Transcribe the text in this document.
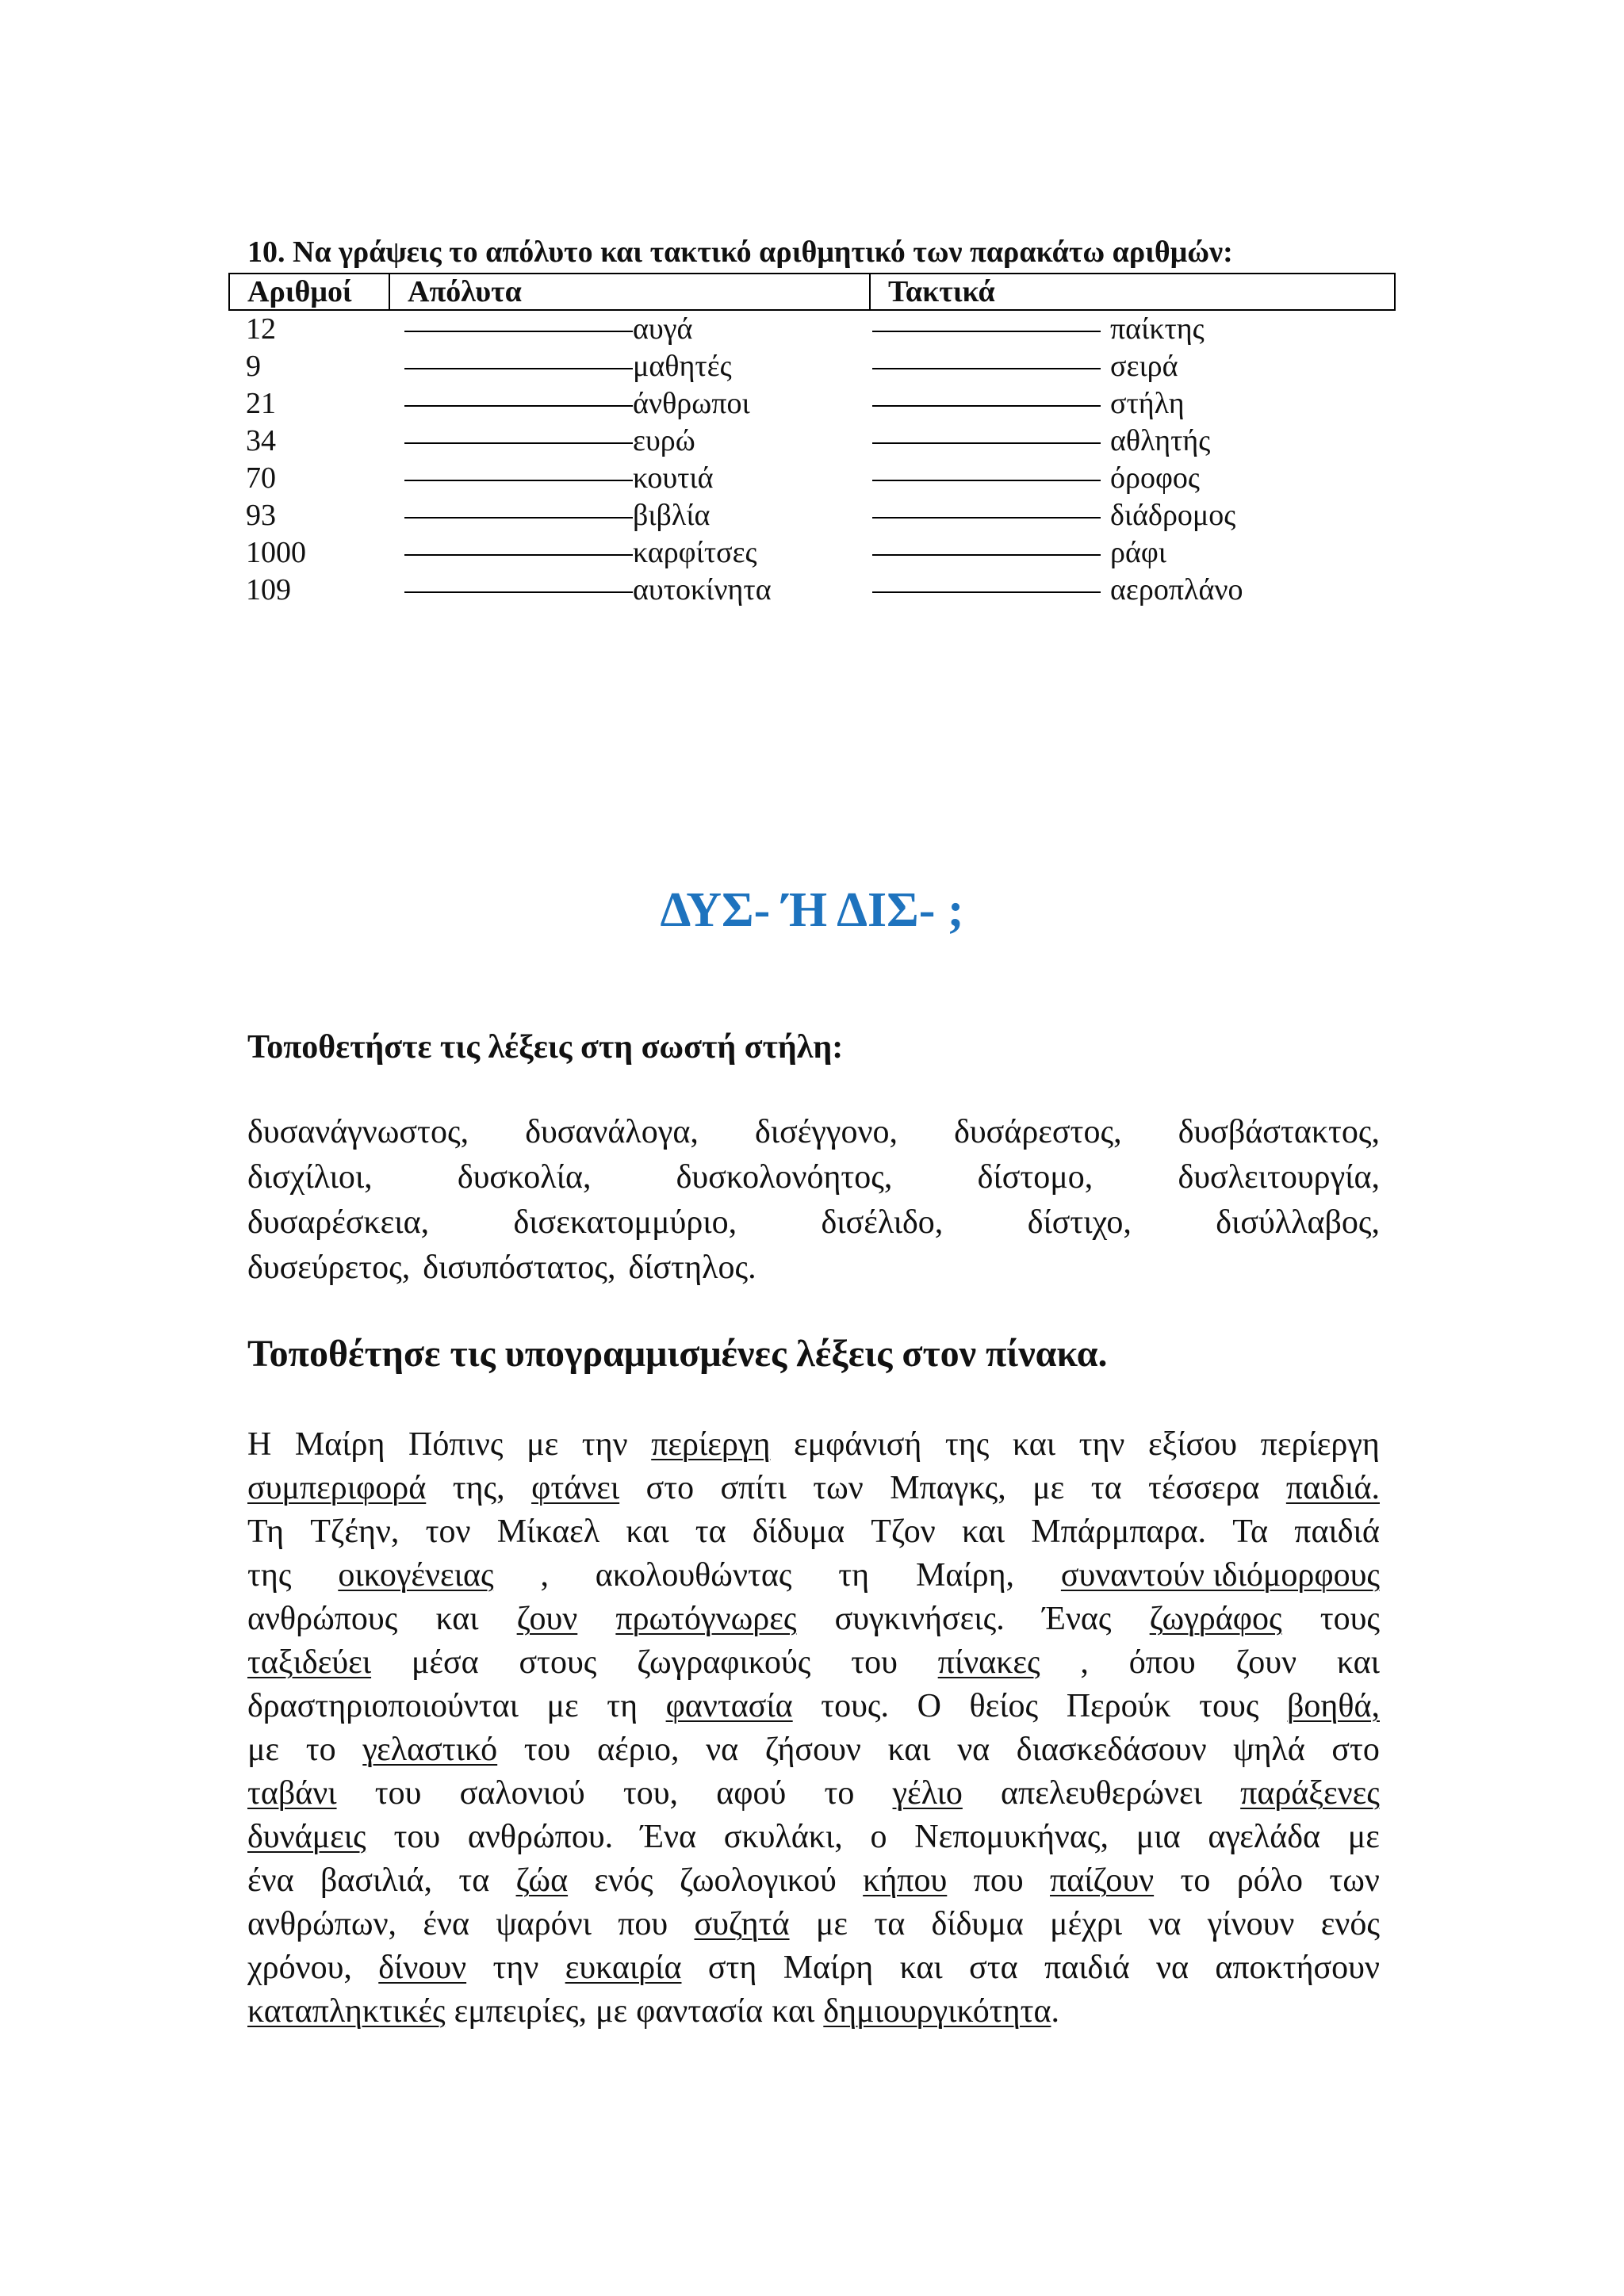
10. Να γράψεις το απόλυτο και τακτικό αριθμητικό των παρακάτω αριθμών:
Αριθμοί	Απόλυτα	Τακτικά
12	αυγά	παίκτης
9	μαθητές	σειρά
21	άνθρωποι	στήλη
34	ευρώ	αθλητής
70	κουτιά	όροφος
93	βιβλία	διάδρομος
1000	καρφίτσες	ράφι
109	αυτοκίνητα	αεροπλάνο
ΔΥΣ- Ή ΔΙΣ- ;
Τοποθετήστε τις λέξεις στη σωστή στήλη:
δυσανάγνωστος, δυσανάλογα, δισέγγονο, δυσάρεστος, δυσβάστακτος,
δισχίλιοι,	δυσκολία,	δυσκολονόητος,	δίστομο,	δυσλειτουργία,
δυσαρέσκεια,	δισεκατομμύριο,	δισέλιδο,	δίστιχο,	δισύλλαβος,
δυσεύρετος, δισυπόστατος, δίστηλος.
Τοποθέτησε τις υπογραμμισμένες λέξεις στον πίνακα.
Η Μαίρη Πόπινς με την περίεργη εμφάνισή της και την εξίσου περίεργη
συμπεριφορά της, φτάνει στο σπίτι των Μπαγκς, με τα τέσσερα παιδιά.
Τη Τζέην, τον Μίκαελ και τα δίδυμα Τζον και Μπάρμπαρα. Τα παιδιά
της οικογένειας , ακολουθώντας τη Μαίρη, συναντούν ιδιόμορφους
ανθρώπους και ζουν πρωτόγνωρες συγκινήσεις. Ένας ζωγράφος τους
ταξιδεύει μέσα στους ζωγραφικούς του πίνακες , όπου ζουν και
δραστηριοποιούνται με τη φαντασία τους. Ο θείος Περούκ τους βοηθά,
με το γελαστικό του αέριο, να ζήσουν και να διασκεδάσουν ψηλά στο
ταβάνι του σαλονιού του, αφού το γέλιο απελευθερώνει παράξενες
δυνάμεις του ανθρώπου. Ένα σκυλάκι, ο Νεπομυκήνας, μια αγελάδα με
ένα βασιλιά, τα ζώα ενός ζωολογικού κήπου που παίζουν το ρόλο των
ανθρώπων, ένα ψαρόνι που συζητά με τα δίδυμα μέχρι να γίνουν ενός
χρόνου, δίνουν την ευκαιρία στη Μαίρη και στα παιδιά να αποκτήσουν
καταπληκτικές εμπειρίες, με φαντασία και δημιουργικότητα .
